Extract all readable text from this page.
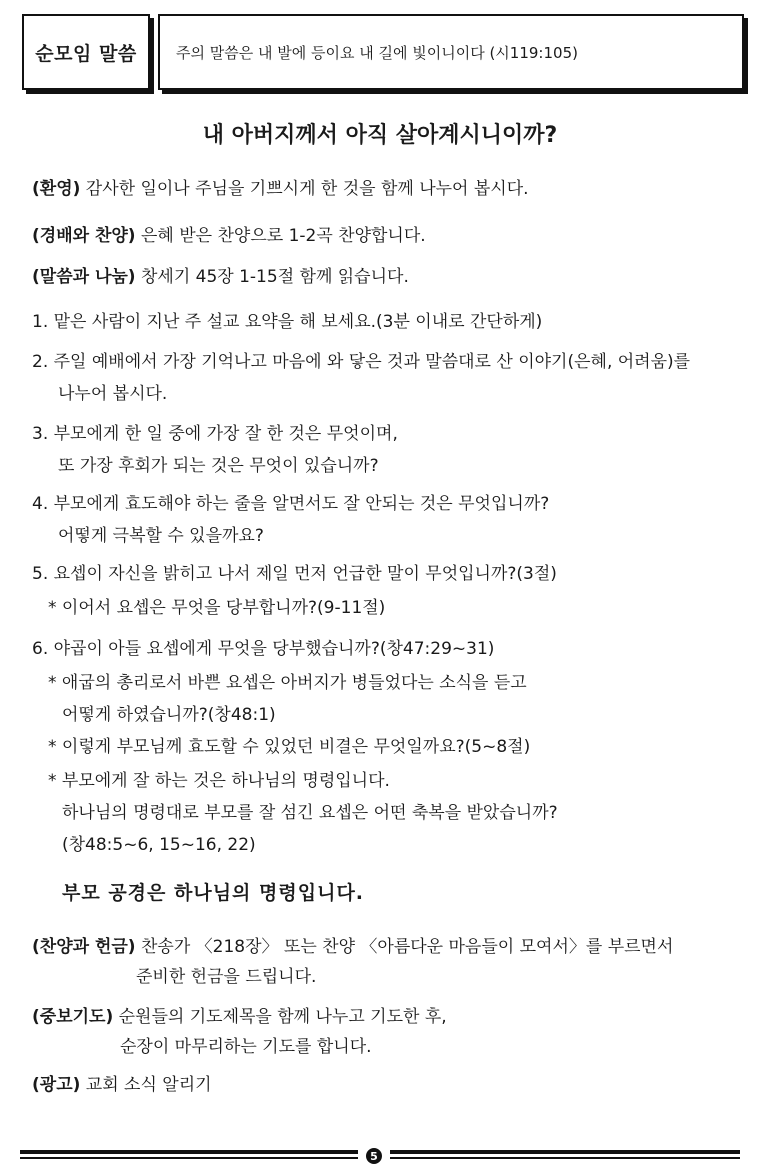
순모임 말씀	주의 말씀은 내 발에 등이요 내 길에 빛이니이다 (시119:105)
내 아버지께서 아직 살아계시니이까?
(환영) 감사한 일이나 주님을 기쁘시게 한 것을 함께 나누어 봅시다.
(경배와 찬양) 은혜 받은 찬양으로 1-2곡 찬양합니다.
(말씀과 나눔) 창세기 45장 1-15절 함께 읽습니다.
1. 맡은 사람이 지난 주 설교 요약을 해 보세요.(3분 이내로 간단하게)
2. 주일 예배에서 가장 기억나고 마음에 와 닿은 것과 말씀대로 산 이야기(은혜, 어려움)를
나누어 봅시다.
3. 부모에게 한 일 중에 가장 잘 한 것은 무엇이며,
또 가장 후회가 되는 것은 무엇이 있습니까?
4. 부모에게 효도해야 하는 줄을 알면서도 잘 안되는 것은 무엇입니까?
어떻게 극복할 수 있을까요?
5. 요셉이 자신을 밝히고 나서 제일 먼저 언급한 말이 무엇입니까?(3절)
* 이어서 요셉은 무엇을 당부합니까?(9-11절)
6. 야곱이 아들 요셉에게 무엇을 당부했습니까?(창47:29~31)
* 애굽의 총리로서 바쁜 요셉은 아버지가 병들었다는 소식을 듣고
어떻게 하였습니까?(창48:1)
* 이렇게 부모님께 효도할 수 있었던 비결은 무엇일까요?(5~8절)
* 부모에게 잘 하는 것은 하나님의 명령입니다.
하나님의 명령대로 부모를 잘 섬긴 요셉은 어떤 축복을 받았습니까?
(창48:5~6, 15~16, 22)
부모 공경은 하나님의 명령입니다.
(찬양과 헌금) 찬송가 〈218장〉 또는 찬양 〈아름다운 마음들이 모여서〉를 부르면서
준비한 헌금을 드립니다.
(중보기도) 순원들의 기도제목을 함께 나누고 기도한 후,
순장이 마무리하는 기도를 합니다.
(광고) 교회 소식 알리기
5
